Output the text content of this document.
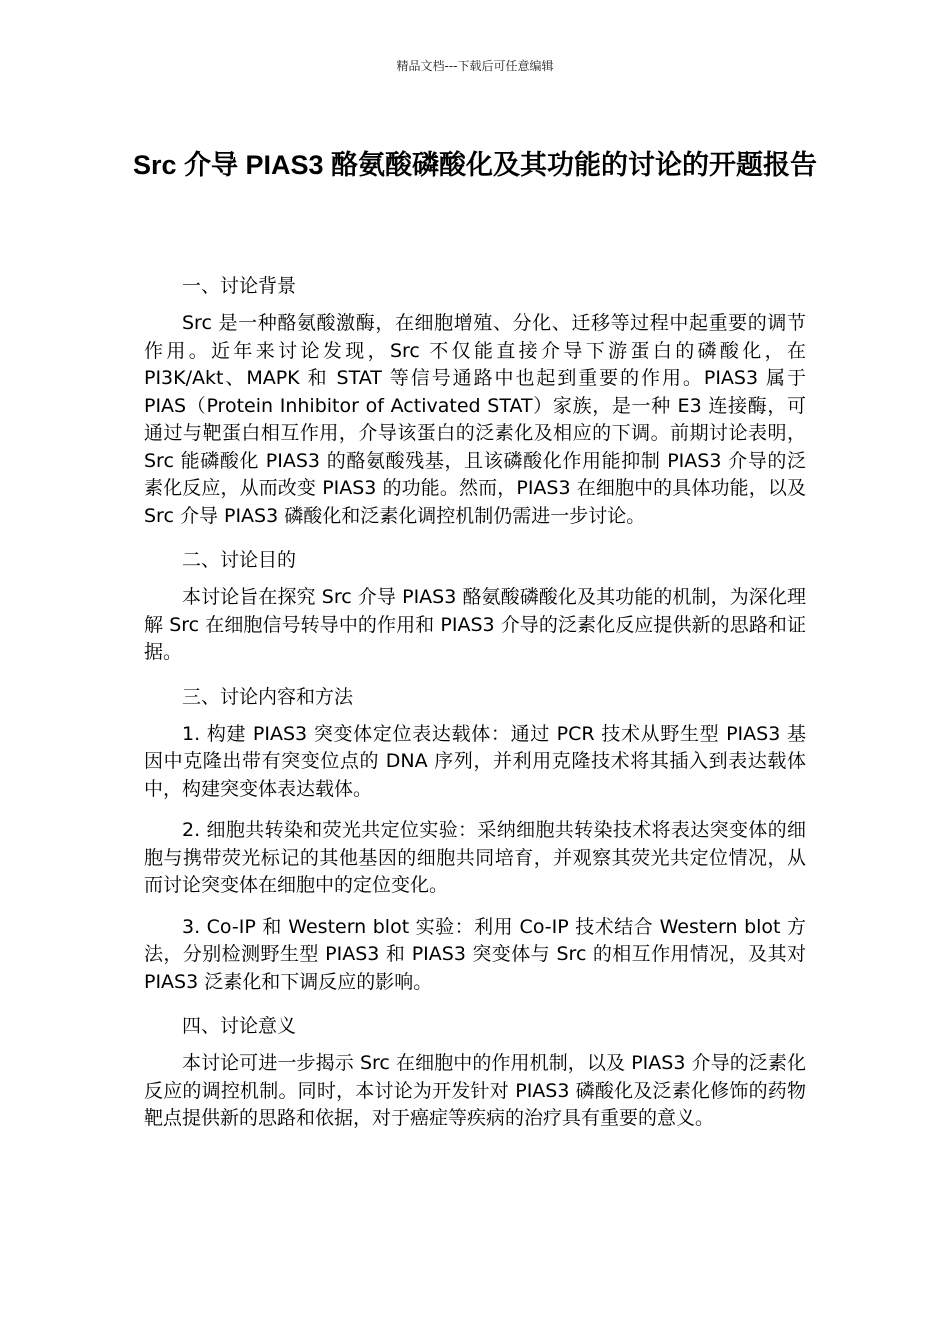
精品文档---下载后可任意编辑
Src 介导 PIAS3 酪氨酸磷酸化及其功能的讨论的开题报告

一、讨论背景

Src 是一种酪氨酸激酶，在细胞增殖、分化、迁移等过程中起重要的调节作用。近年来讨论发现，Src 不仅能直接介导下游蛋白的磷酸化，在 PI3K/Akt、MAPK 和 STAT 等信号通路中也起到重要的作用。PIAS3 属于 PIAS（Protein Inhibitor of Activated STAT）家族，是一种 E3 连接酶，可通过与靶蛋白相互作用，介导该蛋白的泛素化及相应的下调。前期讨论表明，Src 能磷酸化 PIAS3 的酪氨酸残基，且该磷酸化作用能抑制 PIAS3 介导的泛素化反应，从而改变 PIAS3 的功能。然而，PIAS3 在细胞中的具体功能，以及 Src 介导 PIAS3 磷酸化和泛素化调控机制仍需进一步讨论。

二、讨论目的

本讨论旨在探究 Src 介导 PIAS3 酪氨酸磷酸化及其功能的机制，为深化理解 Src 在细胞信号转导中的作用和 PIAS3 介导的泛素化反应提供新的思路和证据。

三、讨论内容和方法

1. 构建 PIAS3 突变体定位表达载体：通过 PCR 技术从野生型 PIAS3 基因中克隆出带有突变位点的 DNA 序列，并利用克隆技术将其插入到表达载体中，构建突变体表达载体。

2. 细胞共转染和荧光共定位实验：采纳细胞共转染技术将表达突变体的细胞与携带荧光标记的其他基因的细胞共同培育，并观察其荧光共定位情况，从而讨论突变体在细胞中的定位变化。

3. Co-IP 和 Western blot 实验：利用 Co-IP 技术结合 Western blot 方法，分别检测野生型 PIAS3 和 PIAS3 突变体与 Src 的相互作用情况，及其对 PIAS3 泛素化和下调反应的影响。

四、讨论意义

本讨论可进一步揭示 Src 在细胞中的作用机制，以及 PIAS3 介导的泛素化反应的调控机制。同时，本讨论为开发针对 PIAS3 磷酸化及泛素化修饰的药物靶点提供新的思路和依据，对于癌症等疾病的治疗具有重要的意义。
